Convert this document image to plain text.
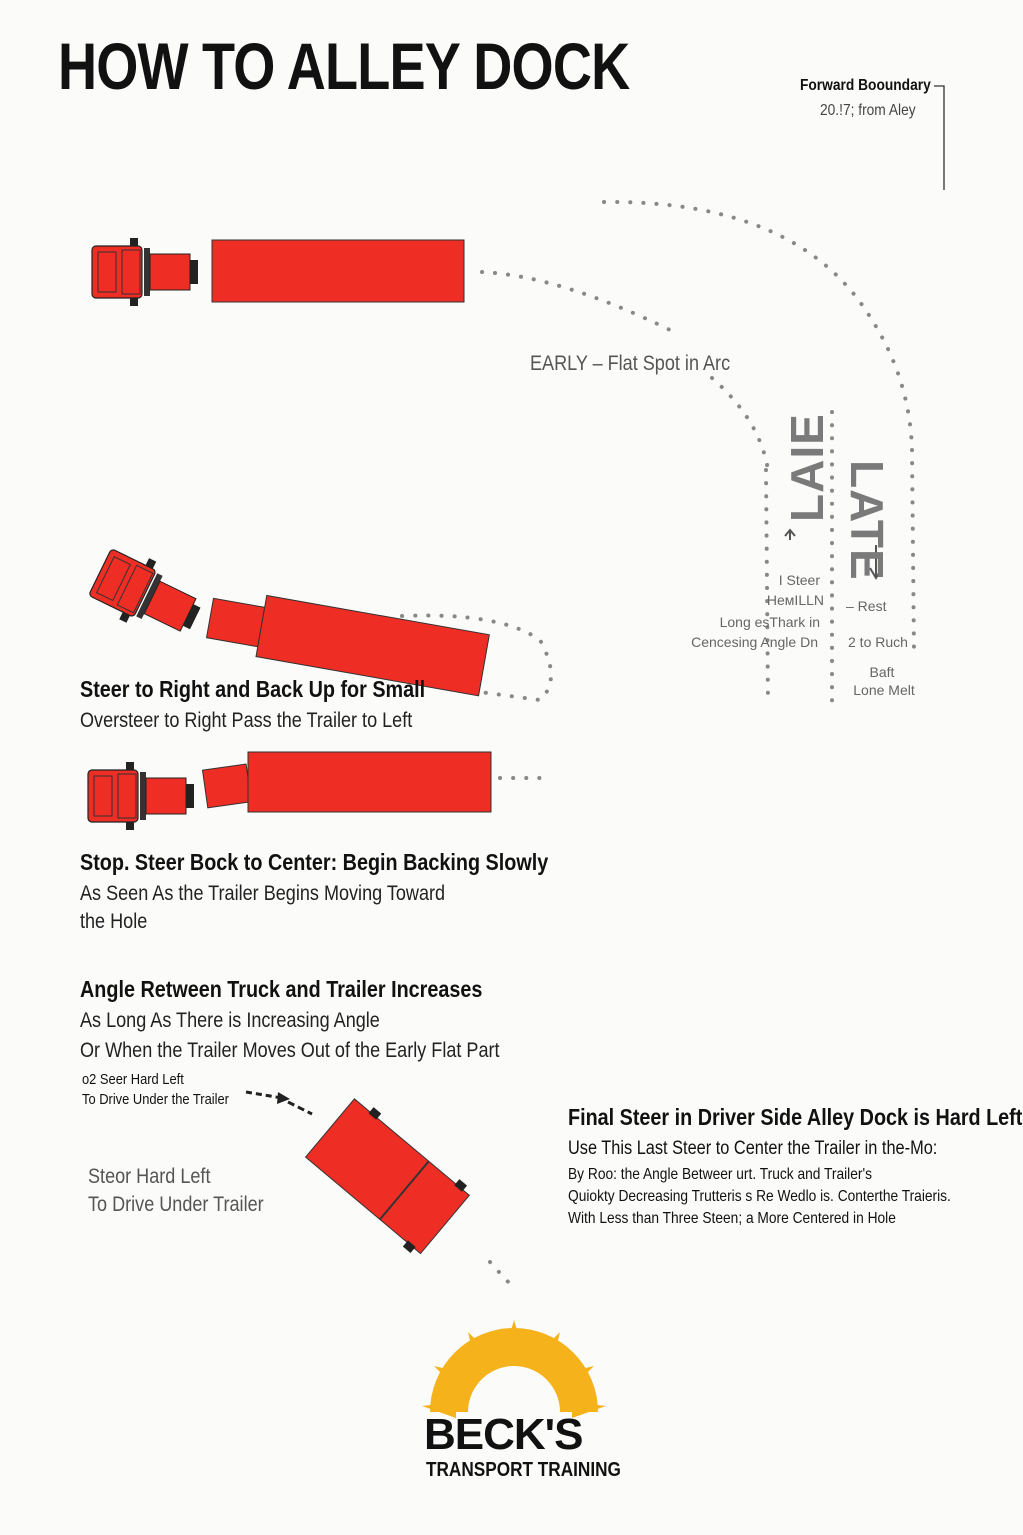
HOW TO ALLEY DOCK	Forward Booundary
20.!7; from Aley
EARLY – Flat Spot in Arc
LAIE LATE
I Steer
HeмILLN
Long esThark in
Cencesing Angle Dn
– Rest
2 to Ruch
Baft
Lone Melt
Steer to Right and Back Up for Small
Oversteer to Right Pass the Trailer to Left
Stop. Steer Bock to Center: Begin Backing Slowly
As Seen As the Trailer Begins Moving Toward
the Hole
Angle Retween Truck and Trailer Increases
As Long As There is Increasing Angle
Or When the Trailer Moves Out of the Early Flat Part
o2 Seer Hard Left
To Drive Under the Trailer
Steor Hard Left
To Drive Under Trailer
Final Steer in Driver Side Alley Dock is Hard Left
Use This Last Steer to Center the Trailer in the-Mo:
By Roo: the Angle Betweer urt. Truck and Trailer's
Quiokty Decreasing Trutteris s Re Wedlo is. Conterthe Traieris.
With Less than Three Steen; a More Centered in Hole
BECK'S
TRANSPORT TRAINING
